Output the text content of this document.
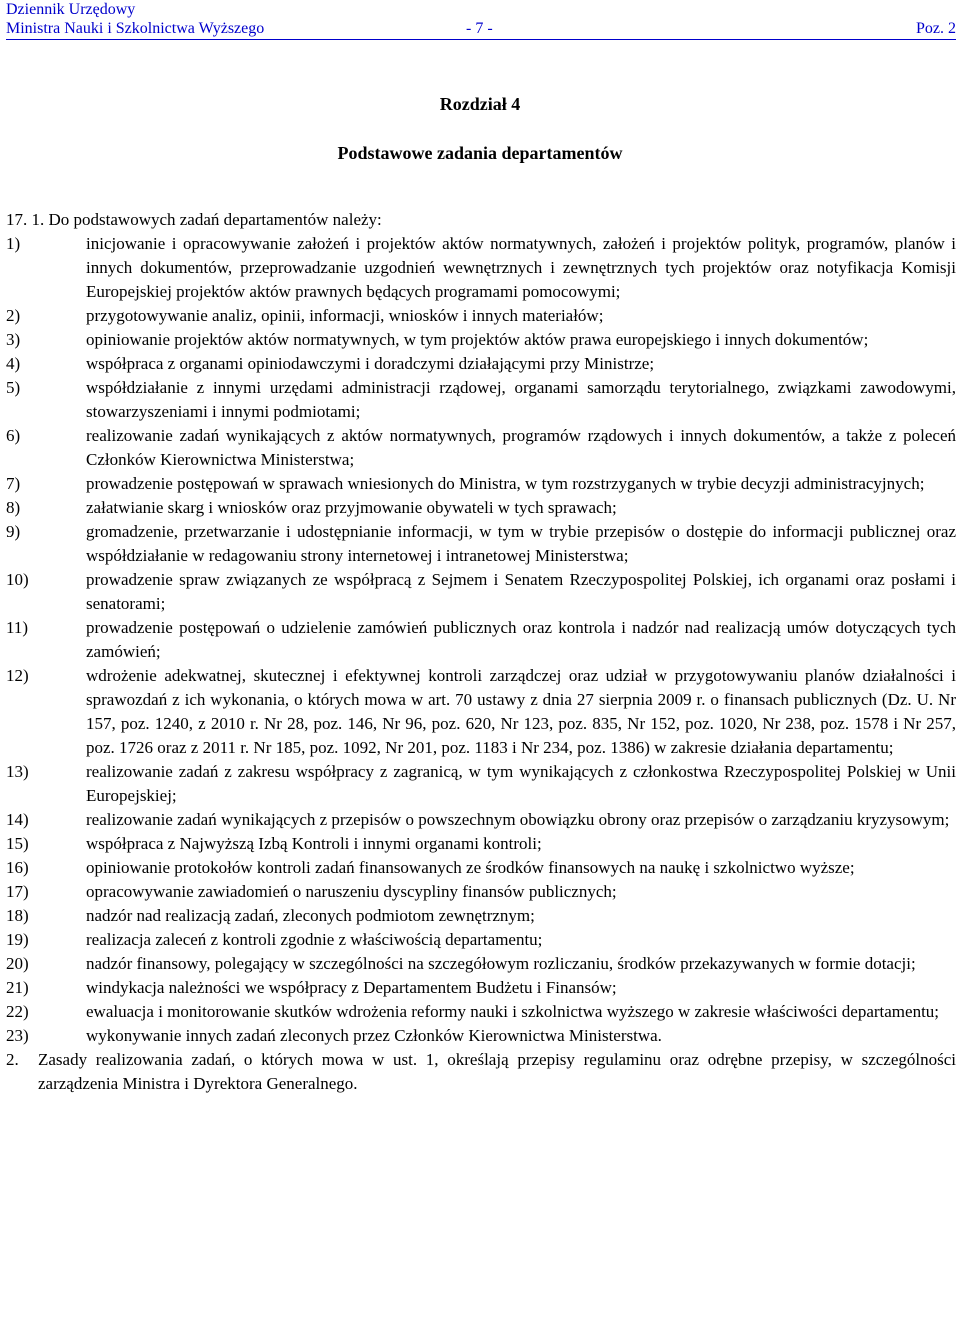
Dziennik Urzędowy
Ministra Nauki i Szkolnictwa Wyższego	- 7 -	Poz. 2
Rozdział 4
Podstawowe zadania departamentów
17. 1. Do podstawowych zadań departamentów należy:
1)	inicjowanie i opracowywanie założeń i projektów aktów normatywnych, założeń i projektów polityk, programów, planów i innych dokumentów, przeprowadzanie uzgodnień wewnętrznych i zewnętrznych tych projektów oraz notyfikacja Komisji Europejskiej projektów aktów prawnych będących programami pomocowymi;
2)	przygotowywanie analiz, opinii, informacji, wniosków i innych materiałów;
3)	opiniowanie projektów aktów normatywnych, w tym projektów aktów prawa europejskiego i innych dokumentów;
4)	współpraca z organami opiniodawczymi i doradczymi działającymi przy Ministrze;
5)	współdziałanie z innymi urzędami administracji rządowej, organami samorządu terytorialnego, związkami zawodowymi, stowarzyszeniami i innymi podmiotami;
6)	realizowanie zadań wynikających z aktów normatywnych, programów rządowych i innych dokumentów, a także z poleceń Członków Kierownictwa Ministerstwa;
7)	prowadzenie postępowań w sprawach wniesionych do Ministra, w tym rozstrzyganych w trybie decyzji administracyjnych;
8)	załatwianie skarg i wniosków oraz przyjmowanie obywateli w tych sprawach;
9)	gromadzenie, przetwarzanie i udostępnianie informacji, w tym w trybie przepisów o dostępie do informacji publicznej oraz współdziałanie w redagowaniu strony internetowej i intranetowej Ministerstwa;
10)	prowadzenie spraw związanych ze współpracą z Sejmem i Senatem Rzeczypospolitej Polskiej, ich organami oraz posłami i senatorami;
11)	prowadzenie postępowań o udzielenie zamówień publicznych oraz kontrola i nadzór nad realizacją umów dotyczących tych zamówień;
12)	wdrożenie adekwatnej, skutecznej i efektywnej kontroli zarządczej oraz udział w przygotowywaniu planów działalności i sprawozdań z ich wykonania, o których mowa w art. 70 ustawy z dnia 27 sierpnia 2009 r. o finansach publicznych (Dz. U. Nr 157, poz. 1240, z 2010 r. Nr 28, poz. 146, Nr 96, poz. 620, Nr 123, poz. 835, Nr 152, poz. 1020, Nr 238, poz. 1578 i Nr 257, poz. 1726 oraz z 2011 r. Nr 185, poz. 1092, Nr 201, poz. 1183 i Nr 234, poz. 1386) w zakresie działania departamentu;
13)	realizowanie zadań z zakresu współpracy z zagranicą, w tym wynikających z członkostwa Rzeczypospolitej Polskiej w Unii Europejskiej;
14)	realizowanie zadań wynikających z przepisów o powszechnym obowiązku obrony oraz przepisów o zarządzaniu kryzysowym;
15)	współpraca z Najwyższą Izbą Kontroli i innymi organami kontroli;
16)	opiniowanie protokołów kontroli zadań finansowanych ze środków finansowych na naukę i szkolnictwo wyższe;
17)	opracowywanie zawiadomień o naruszeniu dyscypliny finansów publicznych;
18)	nadzór nad realizacją zadań, zleconych podmiotom zewnętrznym;
19)	realizacja zaleceń z kontroli zgodnie z właściwością departamentu;
20)	nadzór finansowy, polegający w szczególności na szczegółowym rozliczaniu, środków przekazywanych w formie dotacji;
21)	windykacja należności we współpracy z Departamentem Budżetu i Finansów;
22)	ewaluacja i monitorowanie skutków wdrożenia reformy nauki i szkolnictwa wyższego w zakresie właściwości departamentu;
23)	wykonywanie innych zadań zleconych przez Członków Kierownictwa Ministerstwa.
2.	Zasady realizowania zadań, o których mowa w ust. 1, określają przepisy regulaminu oraz odrębne przepisy, w szczególności zarządzenia Ministra i Dyrektora Generalnego.
